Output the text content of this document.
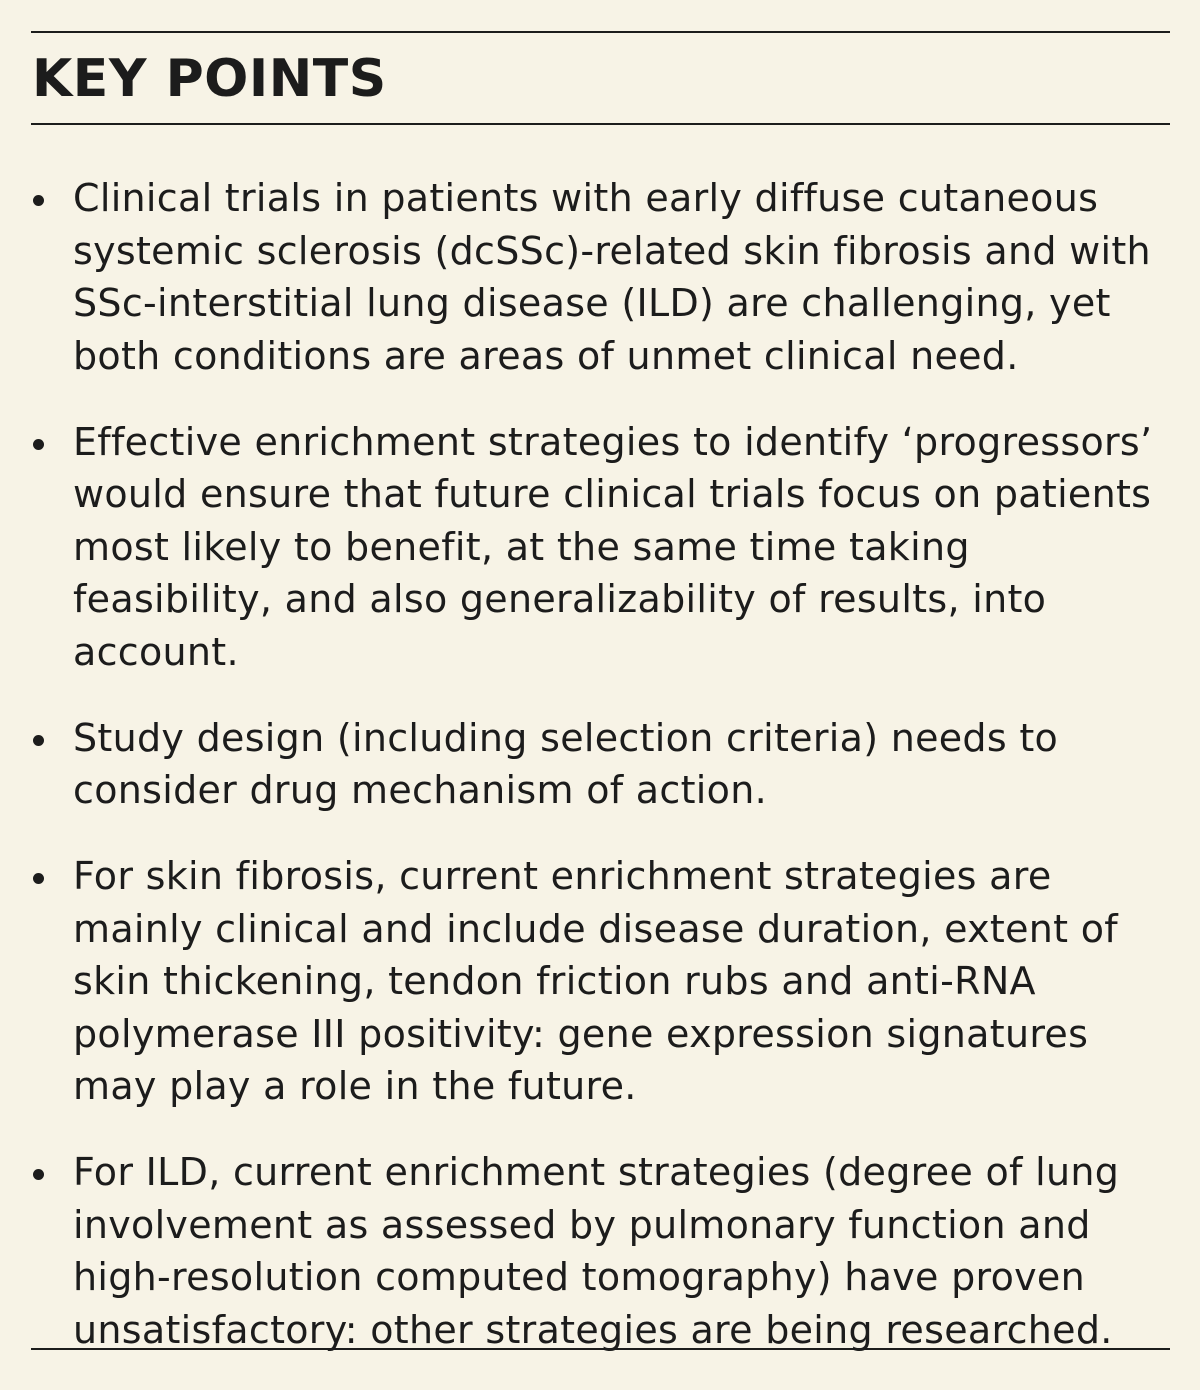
KEY POINTS
Clinical trials in patients with early diffuse cutaneous systemic sclerosis (dcSSc)-related skin fibrosis and with SSc-interstitial lung disease (ILD) are challenging, yet both conditions are areas of unmet clinical need.
Effective enrichment strategies to identify ‘progressors’ would ensure that future clinical trials focus on patients most likely to benefit, at the same time taking feasibility, and also generalizability of results, into account.
Study design (including selection criteria) needs to consider drug mechanism of action.
For skin fibrosis, current enrichment strategies are mainly clinical and include disease duration, extent of skin thickening, tendon friction rubs and anti-RNA polymerase III positivity: gene expression signatures may play a role in the future.
For ILD, current enrichment strategies (degree of lung involvement as assessed by pulmonary function and high-resolution computed tomography) have proven unsatisfactory: other strategies are being researched.
